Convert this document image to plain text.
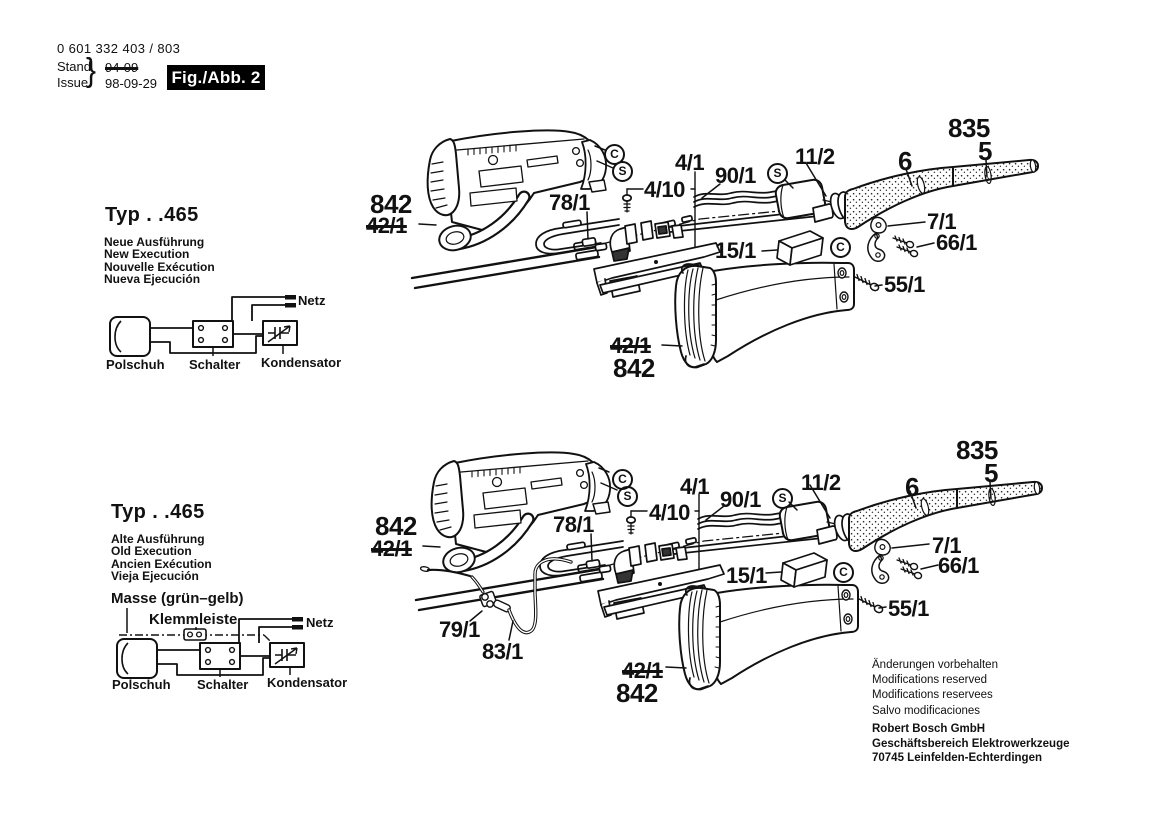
0 601 332 403 / 803
Stand
Issue
} 94-09
98-09-29 Fig./Abb. 2
Typ . .465
Neue Ausführung
New Execution
Nouvelle Exécution
Nueva Ejecución
Netz
Polschuh Schalter Kondensator
Typ . .465
Alte Ausführung
Old Execution
Ancien Exécution
Vieja Ejecución
Masse (grün–gelb)
Klemmleiste	Netz
Polschuh Schalter Kondensator
842
42/1
78/1
4/1
4/10
90/1
11/2 6
835
5
7/1
66/1
15/1
55/1
42/1
842
C
S	S
C
842
42/1
78/1
4/1
4/10
90/1
11/2 6
835
5
7/1
66/1
15/1
55/1
42/1
842
79/1
83/1
C
S	S
C
Änderungen vorbehalten
Modifications reserved
Modifications reservees
Salvo modificaciones
Robert Bosch GmbH
Geschäftsbereich Elektrowerkzeuge
70745 Leinfelden-Echterdingen
